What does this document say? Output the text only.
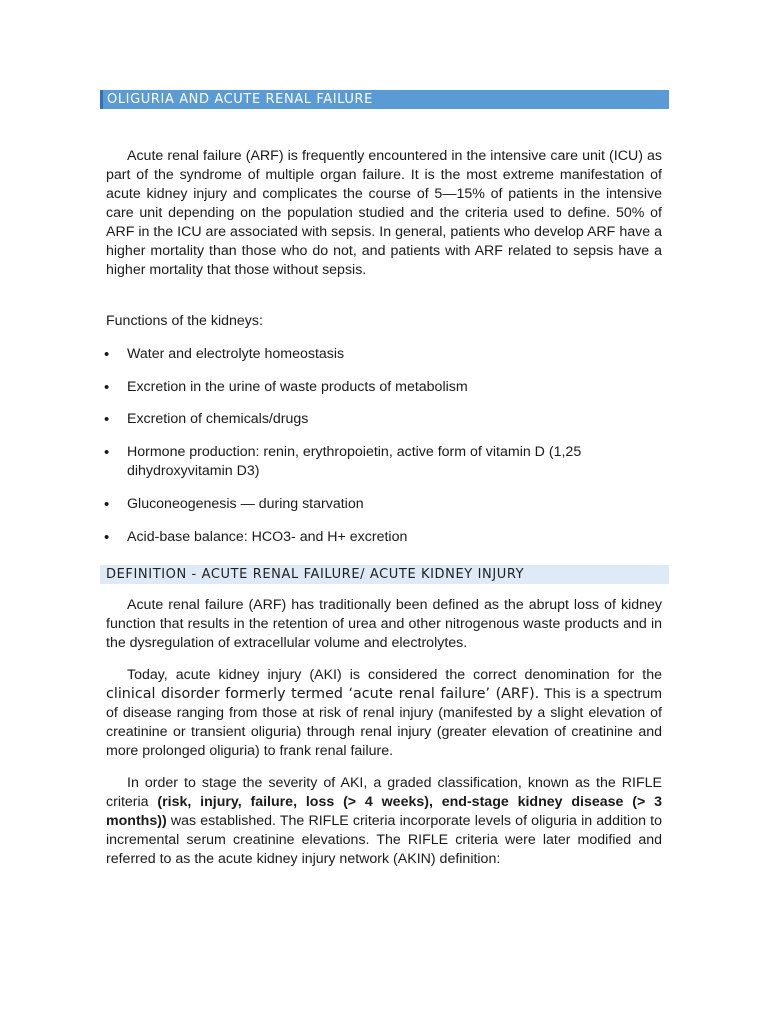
OLIGURIA AND ACUTE RENAL FAILURE

Acute renal failure (ARF) is frequently encountered in the intensive care unit (ICU) as part of the syndrome of multiple organ failure. It is the most extreme manifestation of acute kidney injury and complicates the course of 5—15% of patients in the intensive care unit depending on the population studied and the criteria used to define. 50% of ARF in the ICU are associated with sepsis. In general, patients who develop ARF have a higher mortality than those who do not, and patients with ARF related to sepsis have a higher mortality that those without sepsis.

Functions of the kidneys:

•	Water and electrolyte homeostasis
•	Excretion in the urine of waste products of metabolism
•	Excretion of chemicals/drugs
•	Hormone production: renin, erythropoietin, active form of vitamin D (1,25 dihydroxyvitamin D3)
•	Gluconeogenesis — during starvation
•	Acid-base balance: HCO3- and H+ excretion
DEFINITION - ACUTE RENAL FAILURE/ ACUTE KIDNEY INJURY

Acute renal failure (ARF) has traditionally been defined as the abrupt loss of kidney function that results in the retention of urea and other nitrogenous waste products and in the dysregulation of extracellular volume and electrolytes.

Today, acute kidney injury (AKI) is considered the correct denomination for the clinical disorder formerly termed ‘acute renal failure’ (ARF). This is a spectrum of disease ranging from those at risk of renal injury (manifested by a slight elevation of creatinine or transient oliguria) through renal injury (greater elevation of creatinine and more prolonged oliguria) to frank renal failure.

In order to stage the severity of AKI, a graded classification, known as the RIFLE criteria (risk, injury, failure, loss (> 4 weeks), end-stage kidney disease (> 3 months)) was established. The RIFLE criteria incorporate levels of oliguria in addition to incremental serum creatinine elevations. The RIFLE criteria were later modified and referred to as the acute kidney injury network (AKIN) definition:
